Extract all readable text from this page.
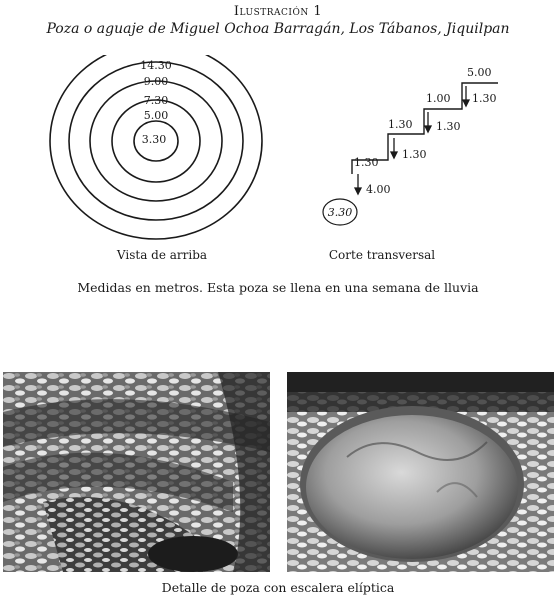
Ilustración 1
Poza o aguaje de Miguel Ochoa Barragán, Los Tábanos, Jiquilpan
14.30
9.00
7.30
5.00
3.30
Vista de arriba
5.00
1.00 1.30
1.30 1.30
1.30
1.30
4.00
3.30
Corte transversal
Medidas en metros. Esta poza se llena en una semana de lluvia
Detalle de poza con escalera elíptica
